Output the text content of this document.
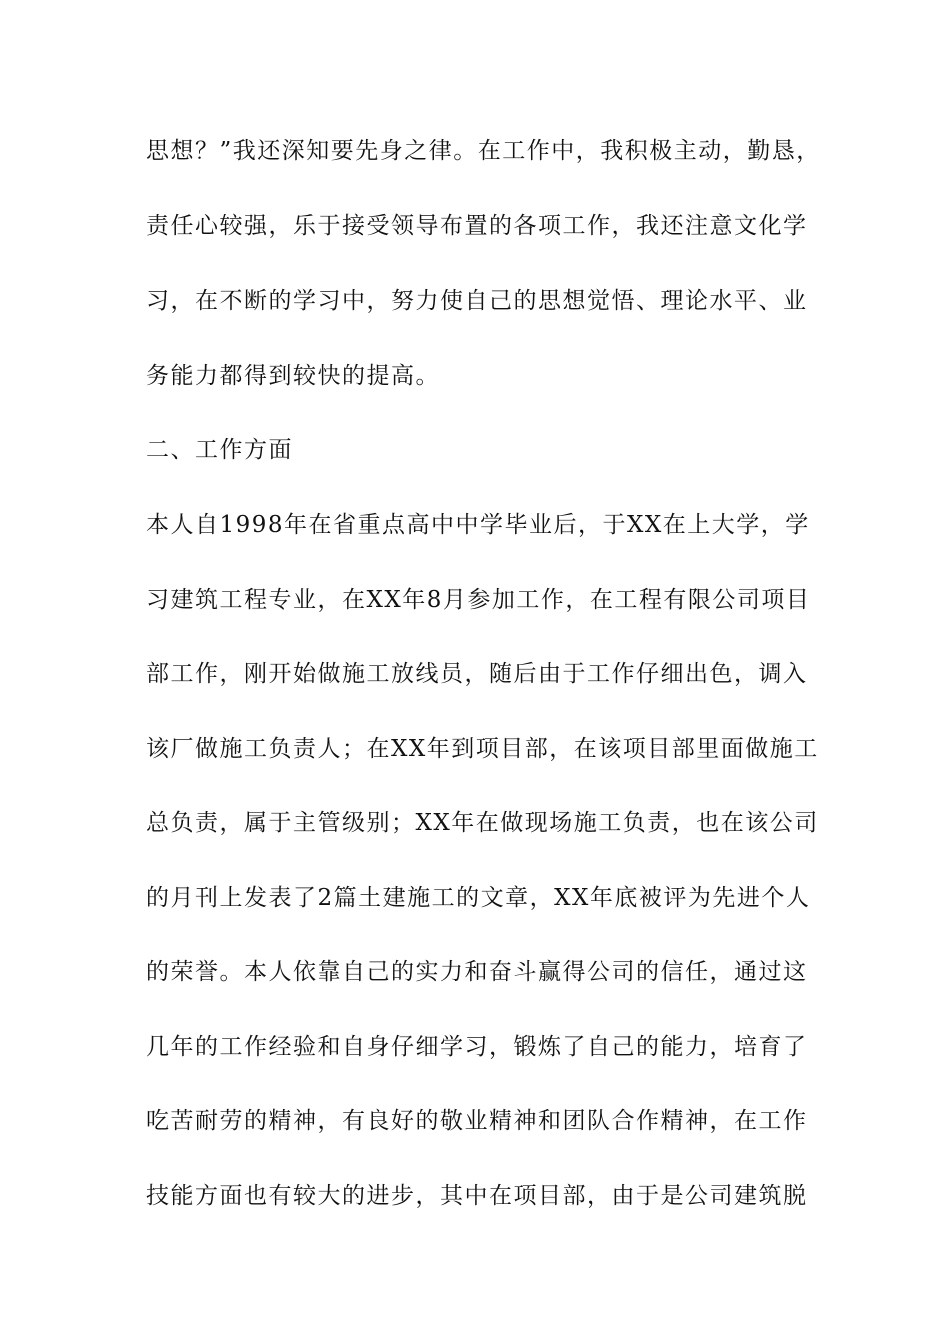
思想？”我还深知要先身之律。在工作中，我积极主动，勤恳，
责任心较强，乐于接受领导布置的各项工作，我还注意文化学
习，在不断的学习中，努力使自己的思想觉悟、理论水平、业
务能力都得到较快的提高。
二、工作方面
本人自1998年在省重点高中中学毕业后，于XX在上大学，学
习建筑工程专业，在XX年8月参加工作，在工程有限公司项目
部工作，刚开始做施工放线员，随后由于工作仔细出色，调入
该厂做施工负责人；在XX年到项目部，在该项目部里面做施工
总负责，属于主管级别；XX年在做现场施工负责，也在该公司
的月刊上发表了2篇土建施工的文章，XX年底被评为先进个人
的荣誉。本人依靠自己的实力和奋斗赢得公司的信任，通过这
几年的工作经验和自身仔细学习，锻炼了自己的能力，培育了
吃苦耐劳的精神，有良好的敬业精神和团队合作精神，在工作
技能方面也有较大的进步，其中在项目部，由于是公司建筑脱
